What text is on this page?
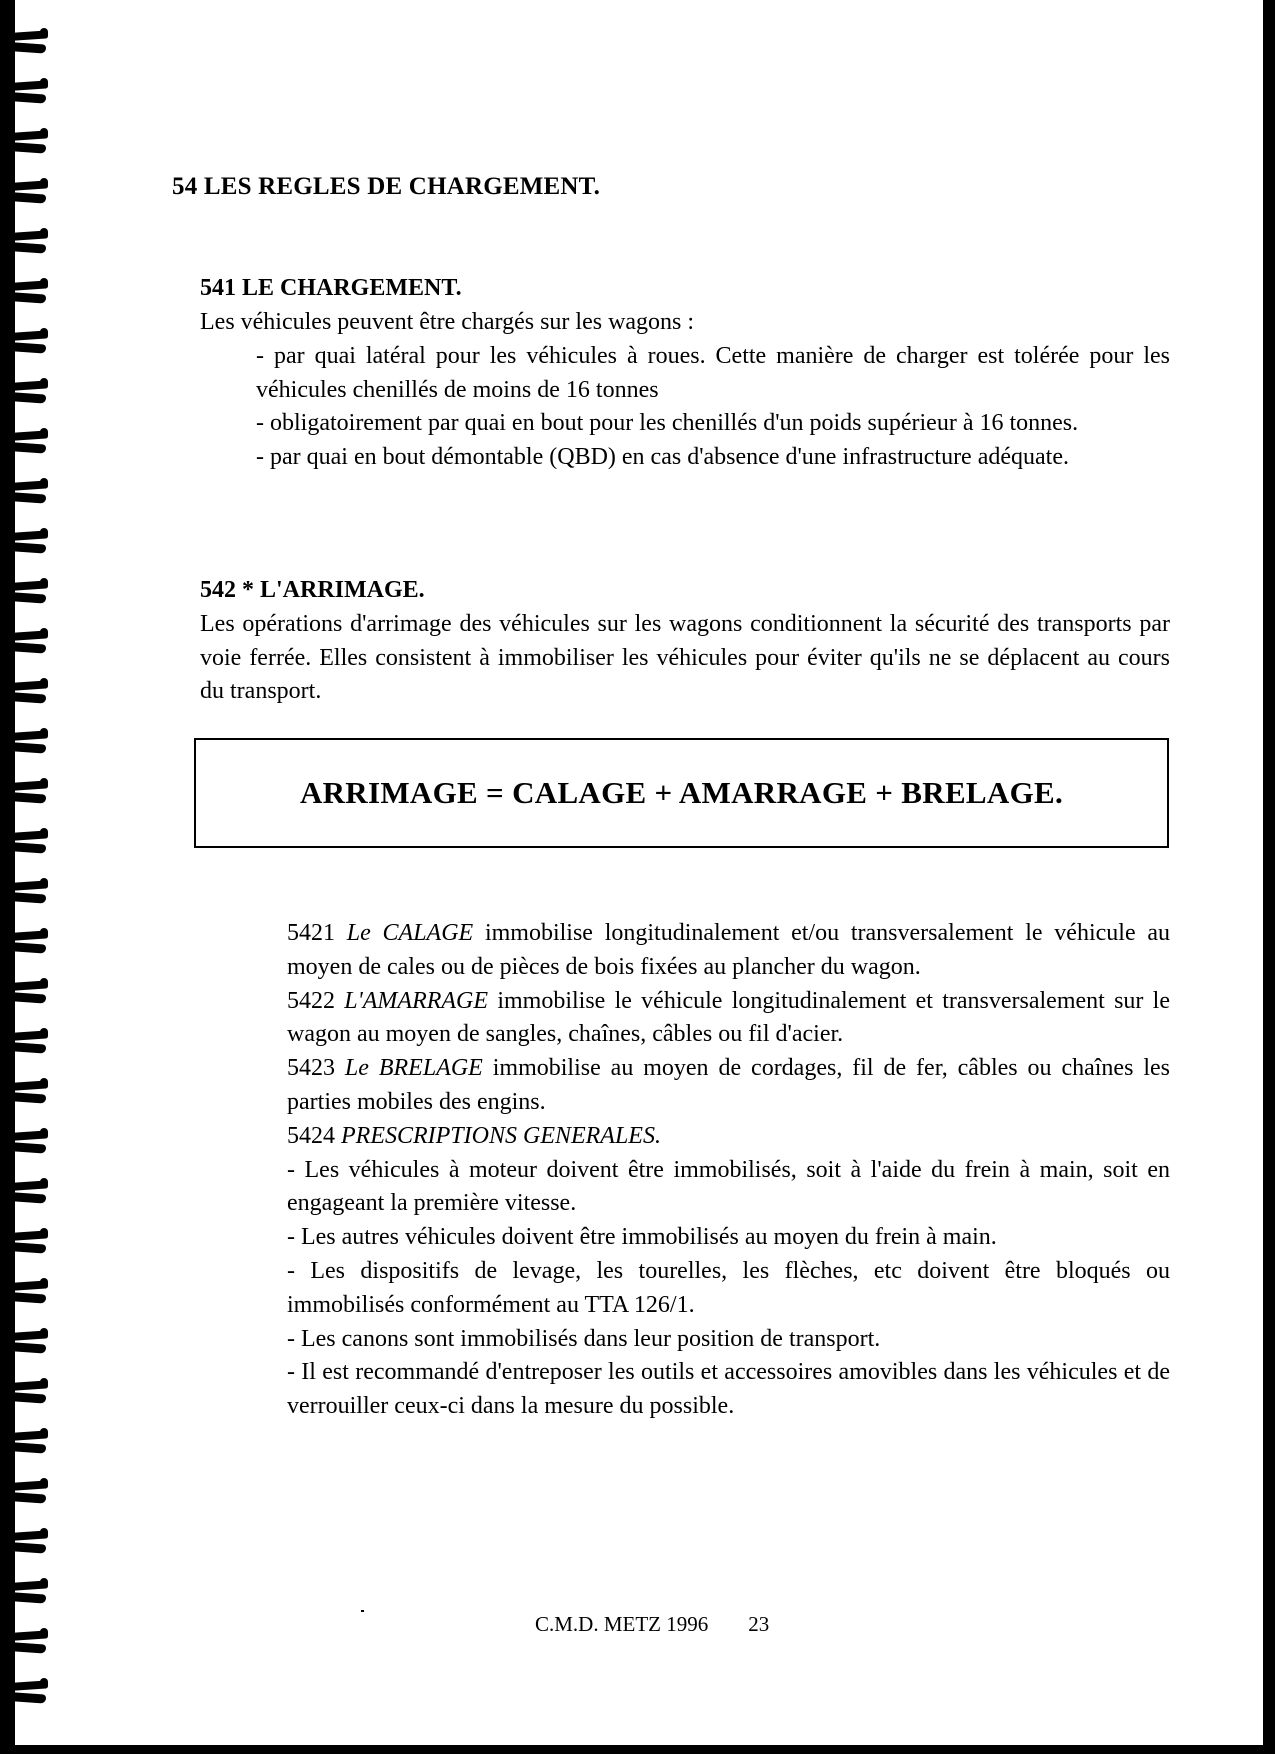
54 LES REGLES DE CHARGEMENT.
541 LE CHARGEMENT.
Les véhicules peuvent être chargés sur les wagons :

- par quai latéral pour les véhicules à roues. Cette manière de charger est tolérée pour les véhicules chenillés de moins de 16 tonnes

- obligatoirement par quai en bout pour les chenillés d'un poids supérieur à 16 tonnes.

- par quai en bout démontable (QBD) en cas d'absence d'une infrastructure adéquate.

542 * L'ARRIMAGE.
Les opérations d'arrimage des véhicules sur les wagons conditionnent la sécurité des transports par voie ferrée. Elles consistent à immobiliser les véhicules pour éviter qu'ils ne se déplacent au cours du transport.
ARRIMAGE = CALAGE + AMARRAGE + BRELAGE.

5421 Le CALAGE immobilise longitudinalement et/ou transversalement le véhicule au moyen de cales ou de pièces de bois fixées au plancher du wagon.

5422 L'AMARRAGE immobilise le véhicule longitudinalement et transversalement sur le wagon au moyen de sangles, chaînes, câbles ou fil d'acier.

5423 Le BRELAGE immobilise au moyen de cordages, fil de fer, câbles ou chaînes les parties mobiles des engins.

5424 PRESCRIPTIONS GENERALES.

- Les véhicules à moteur doivent être immobilisés, soit à l'aide du frein à main, soit en engageant la première vitesse.

- Les autres véhicules doivent être immobilisés au moyen du frein à main.

- Les dispositifs de levage, les tourelles, les flèches, etc doivent être bloqués ou immobilisés conformément au TTA 126/1.

- Les canons sont immobilisés dans leur position de transport.

- Il est recommandé d'entreposer les outils et accessoires amovibles dans les véhicules et de verrouiller ceux-ci dans la mesure du possible.

C.M.D. METZ 1996 23
